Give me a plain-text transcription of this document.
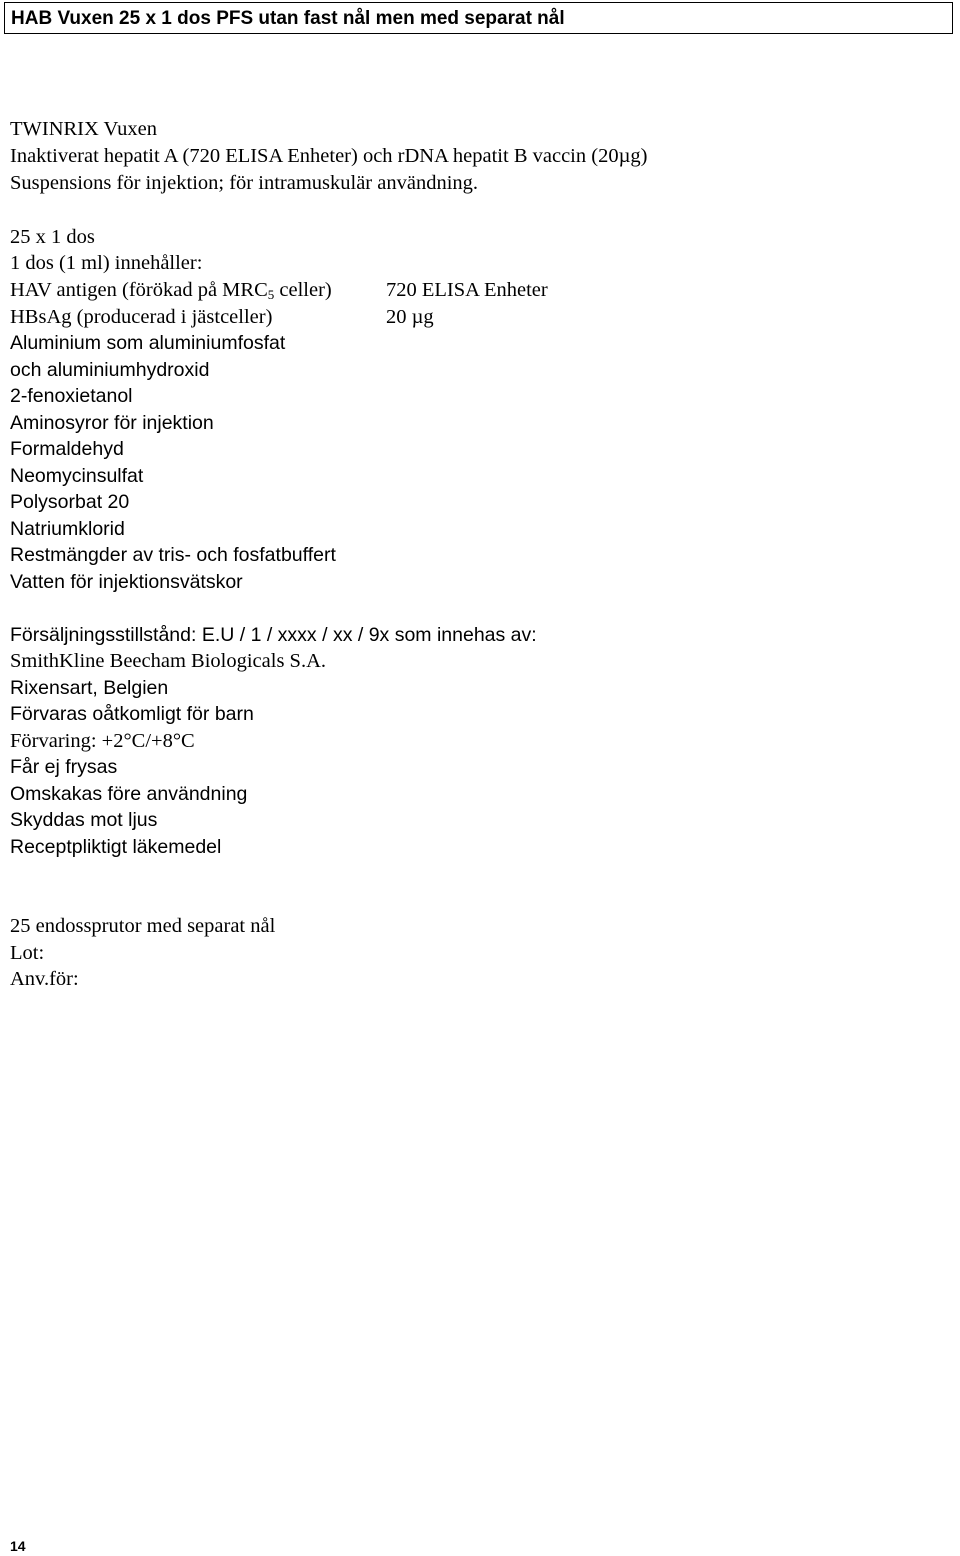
HAB Vuxen 25 x 1 dos PFS utan fast nål men med separat nål
TWINRIX Vuxen
Inaktiverat hepatit A (720 ELISA Enheter) och rDNA hepatit B vaccin (20µg)
Suspensions för injektion; för intramuskulär användning.
25 x 1 dos
1 dos (1 ml) innehåller:
HAV antigen (förökad på $MRC_5$ celler)	720 ELISA Enheter
HBsAg (producerad i jästceller)	20 µg
Aluminium som aluminiumfosfat
och aluminiumhydroxid
2-fenoxietanol
Aminosyror för injektion
Formaldehyd
Neomycinsulfat
Polysorbat 20
Natriumklorid
Restmängder av tris- och fosfatbuffert
Vatten för injektionsvätskor
Försäljningsstillstånd: E.U / 1 / xxxx / xx / 9x som innehas av:
SmithKline Beecham Biologicals S.A.
Rixensart, Belgien
Förvaras oåtkomligt för barn
Förvaring: +2°C/+8°C
Får ej frysas
Omskakas före användning
Skyddas mot ljus
Receptpliktigt läkemedel
25 endossprutor med separat nål
Lot:
Anv.för:
14
